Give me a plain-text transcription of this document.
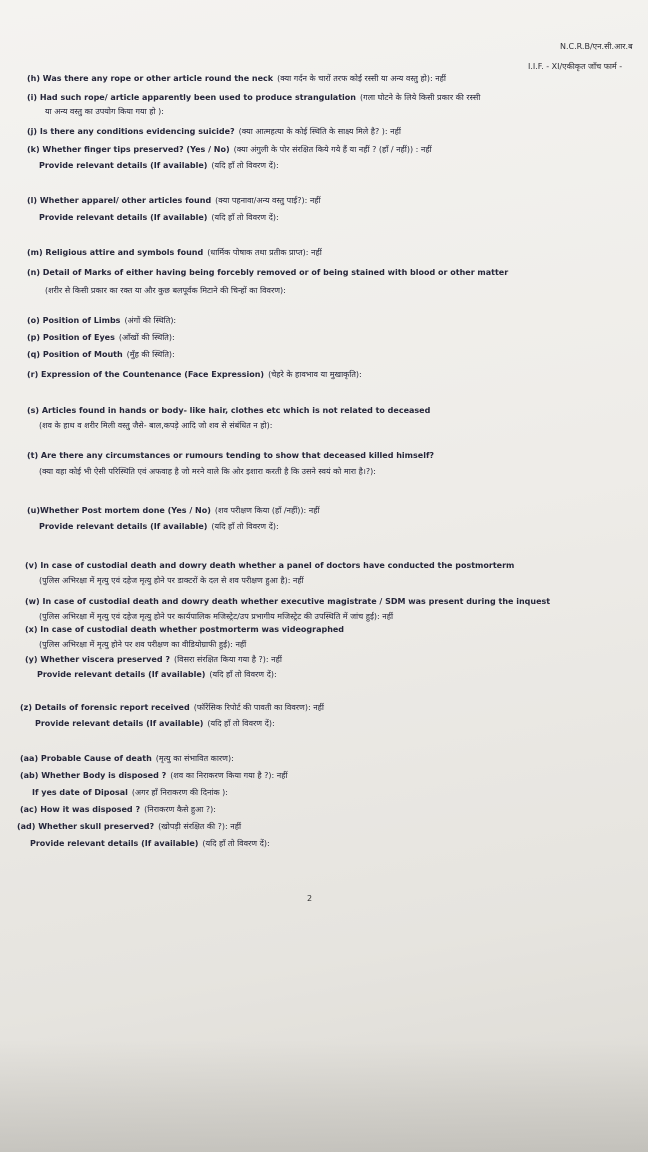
N.C.R.B/एन.सी.आर.ब
I.I.F. - XI/एकीकृत जाँच फार्म -
(h) Was there any rope or other article round the neck (क्या गर्दन के चारों तरफ कोई रस्सी या अन्य वस्तु हो): नहीं
(i) Had such rope/ article apparently been used to produce strangulation (गला घोटने के लिये किसी प्रकार की रस्सी
या अन्य वस्तु का उपयोग किया गया हो ):
(j) Is there any conditions evidencing suicide? (क्या आत्महत्या के कोई स्थिति के साक्ष्य मिले है? ): नहीं
(k) Whether finger tips preserved? (Yes / No) (क्या अंगुली के पोर संरक्षित किये गये हैं या नहीं ? (हाँ / नहीं)) : नहीं
Provide relevant details (If available) (यदि हाँ तो विवरण दें):
(l) Whether apparel/ other articles found (क्या पहनावा/अन्य वस्तु पाई?): नहीं
Provide relevant details (If available) (यदि हाँ तो विवरण दें):
(m) Religious attire and symbols found (धार्मिक पोषाक तथा प्रतीक प्राप्त): नहीं
(n) Detail of Marks of either having being forcebly removed or of being stained with blood or other matter
(शरीर से किसी प्रकार का रक्त या और कुछ बलपूर्वक मिटाने की चिन्हों का विवरण):
(o) Position of Limbs (अंगों की स्थिति):
(p) Position of Eyes (आँखों की स्थिति):
(q) Position of Mouth (मुँह की स्थिति):
(r) Expression of the Countenance (Face Expression) (चेहरे के हावभाव या मुखाकृति):
(s) Articles found in hands or body- like hair, clothes etc which is not related to deceased
(शव के हाथ व शरीर मिली वस्तु जैसे- बाल,कपड़े आदि जो शव से संबंधित न हो):
(t) Are there any circumstances or rumours tending to show that deceased killed himself?
(क्या वहा कोई भी ऐसी परिस्थिति एवं अफवाह है जो मरने वाले कि ओर इशारा करती है कि उसने स्वयं को मारा है।?):
(u)Whether Post mortem done (Yes / No) (शव परीक्षण किया (हाँ /नहीं)): नहीं
Provide relevant details (If available) (यदि हाँ तो विवरण दें):
(v) In case of custodial death and dowry death whether a panel of doctors have conducted the postmorterm
(पुलिस अभिरक्षा में मृत्यु एवं दहेज मृत्यु होने पर डाक्टरों के दल से शव परीक्षण हुआ है): नहीं
(w) In case of custodial death and dowry death whether executive magistrate / SDM was present during the inquest
(पुलिस अभिरक्षा में मृत्यु एवं दहेज मृत्यु होने पर कार्यपालिक मजिस्ट्रेट/उप प्रभागीय मजिस्ट्रेट की उपस्थिति में जांच हुई): नहीं
(x) In case of custodial death whether postmorterm was videographed
(पुलिस अभिरक्षा में मृत्यु होने पर शव परीक्षण का वीडियोग्राफी हुई): नहीं
(y) Whether viscera preserved ? (विसरा संरक्षित किया गया है ?): नहीं
Provide relevant details (If available) (यदि हाँ तो विवरण दें):
(z) Details of forensic report received (फॉरेंसिक रिपोर्ट की पावती का विवरण): नहीं
Provide relevant details (If available) (यदि हाँ तो विवरण दें):
(aa) Probable Cause of death (मृत्यु का संभावित कारण):
(ab) Whether Body is disposed ? (शव का निराकरण किया गया है ?): नहीं
If yes date of Diposal (अगर हाँ निराकरण की दिनांक ):
(ac) How it was disposed ? (निराकरण कैसे हुआ ?):
(ad) Whether skull preserved? (खोपड़ी संरक्षित की ?): नहीं
Provide relevant details (If available) (यदि हाँ तो विवरण दें):
2
